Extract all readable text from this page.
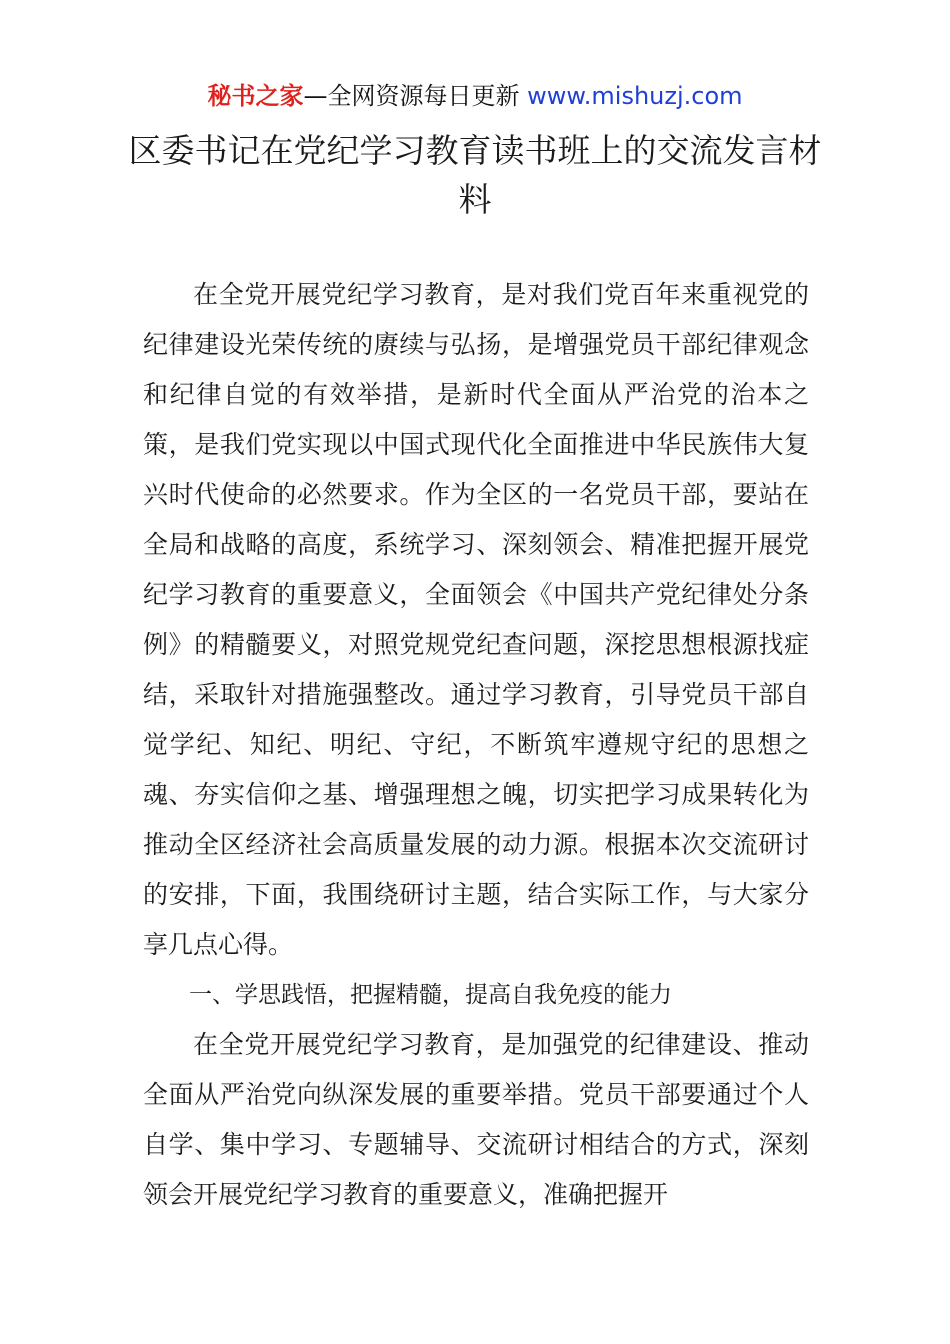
秘书之家—全网资源每日更新 www.mishuzj.com
区委书记在党纪学习教育读书班上的交流发言材料

在全党开展党纪学习教育，是对我们党百年来重视党的纪律建设光荣传统的赓续与弘扬，是增强党员干部纪律观念和纪律自觉的有效举措，是新时代全面从严治党的治本之策，是我们党实现以中国式现代化全面推进中华民族伟大复兴时代使命的必然要求。作为全区的一名党员干部，要站在全局和战略的高度，系统学习、深刻领会、精准把握开展党纪学习教育的重要意义，全面领会《中国共产党纪律处分条例》的精髓要义，对照党规党纪查问题，深挖思想根源找症结，采取针对措施强整改。通过学习教育，引导党员干部自觉学纪、知纪、明纪、守纪，不断筑牢遵规守纪的思想之魂、夯实信仰之基、增强理想之魄，切实把学习成果转化为推动全区经济社会高质量发展的动力源。根据本次交流研讨的安排，下面，我围绕研讨主题，结合实际工作，与大家分享几点心得。

一、学思践悟，把握精髓，提高自我免疫的能力

在全党开展党纪学习教育，是加强党的纪律建设、推动全面从严治党向纵深发展的重要举措。党员干部要通过个人自学、集中学习、专题辅导、交流研讨相结合的方式，深刻领会开展党纪学习教育的重要意义，准确把握开
